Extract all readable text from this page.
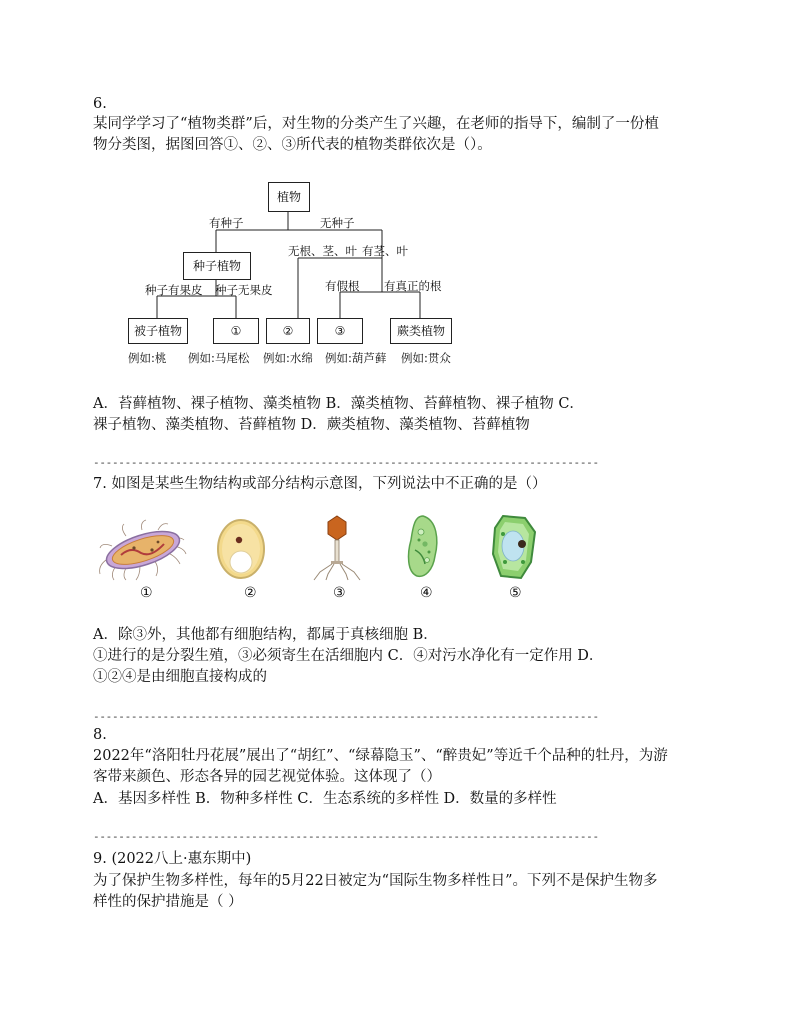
6.
某同学学习了“植物类群”后，对生物的分类产生了兴趣，在老师的指导下，编制了一份植
物分类图，据图回答①、②、③所代表的植物类群依次是（）。
植物
有种子	无种子
种子植物
无根、茎、叶 有茎、叶
种子有果皮 种子无果皮	有假根 有真正的根
被子植物	①	②	③	蕨类植物
例如:桃 例如:马尾松 例如:水绵 例如:葫芦藓 例如:贯众
A．苔藓植物、裸子植物、藻类植物 B．藻类植物、苔藓植物、裸子植物 C．
裸子植物、藻类植物、苔藓植物 D．蕨类植物、藻类植物、苔藓植物
--------------------------------------------------------------------------------
7. 如图是某些生物结构或部分结构示意图，下列说法中不正确的是（）
①	②	③	④	⑤
A．除③外，其他都有细胞结构，都属于真核细胞 B．
①进行的是分裂生殖，③必须寄生在活细胞内 C．④对污水净化有一定作用 D．
①②④是由细胞直接构成的
--------------------------------------------------------------------------------
8.
2022年“洛阳牡丹花展”展出了“胡红”、“绿幕隐玉”、“醉贵妃”等近千个品种的牡丹，为游
客带来颜色、形态各异的园艺视觉体验。这体现了（）
A．基因多样性 B．物种多样性 C．生态系统的多样性 D．数量的多样性
--------------------------------------------------------------------------------
9. (2022八上·惠东期中)
为了保护生物多样性，每年的5月22日被定为“国际生物多样性日”。下列不是保护生物多
样性的保护措施是（ ）
